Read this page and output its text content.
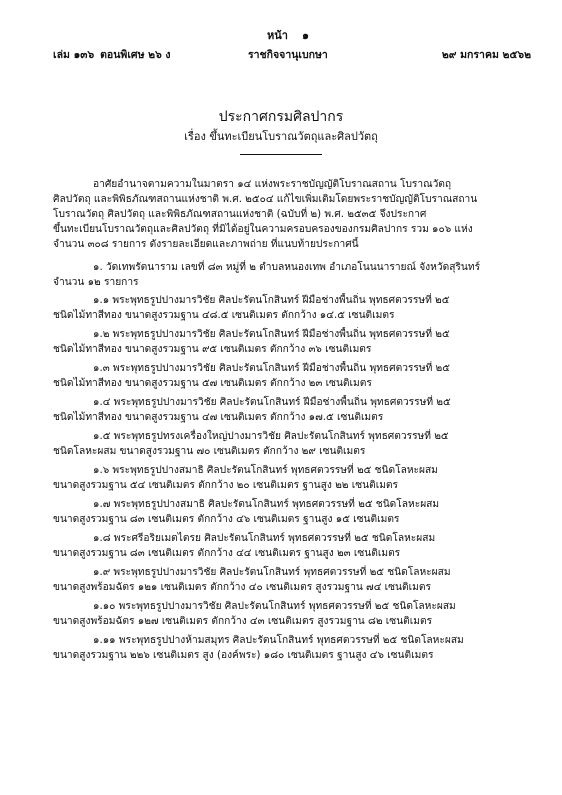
หน้า ๑
เล่ม ๑๓๖ ตอนพิเศษ ๒๖ ง	ราชกิจจานุเบกษา	๒๙ มกราคม ๒๕๖๒
ประกาศกรมศิลปากร
เรื่อง ขึ้นทะเบียนโบราณวัตถุและศิลปวัตถุ
อาศัยอำนาจตามความในมาตรา ๑๔ แห่งพระราชบัญญัติโบราณสถาน โบราณวัตถุ
ศิลปวัตถุ และพิพิธภัณฑสถานแห่งชาติ พ.ศ. ๒๕๐๔ แก้ไขเพิ่มเติมโดยพระราชบัญญัติโบราณสถาน
โบราณวัตถุ ศิลปวัตถุ และพิพิธภัณฑสถานแห่งชาติ (ฉบับที่ ๒) พ.ศ. ๒๕๓๕ จึงประกาศ
ขึ้นทะเบียนโบราณวัตถุและศิลปวัตถุ ที่มิได้อยู่ในความครอบครองของกรมศิลปากร รวม ๑๐๖ แห่ง
จำนวน ๓๐๘ รายการ ดังรายละเอียดและภาพถ่าย ที่แนบท้ายประกาศนี้
๑. วัดเทพรัตนาราม เลขที่ ๘๓ หมู่ที่ ๒ ตำบลหนองเทพ อำเภอโนนนารายณ์ จังหวัดสุรินทร์
จำนวน ๑๒ รายการ
๑.๑ พระพุทธรูปปางมารวิชัย ศิลปะรัตนโกสินทร์ ฝีมือช่างพื้นถิ่น พุทธศตวรรษที่ ๒๕
ชนิดไม้ทาสีทอง ขนาดสูงรวมฐาน ๔๘.๕ เซนติเมตร ตักกว้าง ๑๔.๕ เซนติเมตร
๑.๒ พระพุทธรูปปางมารวิชัย ศิลปะรัตนโกสินทร์ ฝีมือช่างพื้นถิ่น พุทธศตวรรษที่ ๒๕
ชนิดไม้ทาสีทอง ขนาดสูงรวมฐาน ๙๕ เซนติเมตร ตักกว้าง ๓๖ เซนติเมตร
๑.๓ พระพุทธรูปปางมารวิชัย ศิลปะรัตนโกสินทร์ ฝีมือช่างพื้นถิ่น พุทธศตวรรษที่ ๒๕
ชนิดไม้ทาสีทอง ขนาดสูงรวมฐาน ๕๗ เซนติเมตร ตักกว้าง ๒๓ เซนติเมตร
๑.๔ พระพุทธรูปปางมารวิชัย ศิลปะรัตนโกสินทร์ ฝีมือช่างพื้นถิ่น พุทธศตวรรษที่ ๒๕
ชนิดไม้ทาสีทอง ขนาดสูงรวมฐาน ๔๗ เซนติเมตร ตักกว้าง ๑๗.๕ เซนติเมตร
๑.๕ พระพุทธรูปทรงเครื่องใหญ่ปางมารวิชัย ศิลปะรัตนโกสินทร์ พุทธศตวรรษที่ ๒๕
ชนิดโลหะผสม ขนาดสูงรวมฐาน ๗๐ เซนติเมตร ตักกว้าง ๒๙ เซนติเมตร
๑.๖ พระพุทธรูปปางสมาธิ ศิลปะรัตนโกสินทร์ พุทธศตวรรษที่ ๒๕ ชนิดโลหะผสม
ขนาดสูงรวมฐาน ๕๔ เซนติเมตร ตักกว้าง ๒๐ เซนติเมตร ฐานสูง ๒๒ เซนติเมตร
๑.๗ พระพุทธรูปปางสมาธิ ศิลปะรัตนโกสินทร์ พุทธศตวรรษที่ ๒๕ ชนิดโลหะผสม
ขนาดสูงรวมฐาน ๘๓ เซนติเมตร ตักกว้าง ๔๖ เซนติเมตร ฐานสูง ๑๕ เซนติเมตร
๑.๘ พระศรีอริยเมตไตรย ศิลปะรัตนโกสินทร์ พุทธศตวรรษที่ ๒๕ ชนิดโลหะผสม
ขนาดสูงรวมฐาน ๘๓ เซนติเมตร ตักกว้าง ๔๔ เซนติเมตร ฐานสูง ๒๓ เซนติเมตร
๑.๙ พระพุทธรูปปางมารวิชัย ศิลปะรัตนโกสินทร์ พุทธศตวรรษที่ ๒๕ ชนิดโลหะผสม
ขนาดสูงพร้อมฉัตร ๑๒๑ เซนติเมตร ตักกว้าง ๔๐ เซนติเมตร สูงรวมฐาน ๗๔ เซนติเมตร
๑.๑๐ พระพุทธรูปปางมารวิชัย ศิลปะรัตนโกสินทร์ พุทธศตวรรษที่ ๒๕ ชนิดโลหะผสม
ขนาดสูงพร้อมฉัตร ๑๒๗ เซนติเมตร ตักกว้าง ๔๓ เซนติเมตร สูงรวมฐาน ๘๒ เซนติเมตร
๑.๑๑ พระพุทธรูปปางห้ามสมุทร ศิลปะรัตนโกสินทร์ พุทธศตวรรษที่ ๒๕ ชนิดโลหะผสม
ขนาดสูงรวมฐาน ๒๒๖ เซนติเมตร สูง (องค์พระ) ๑๘๐ เซนติเมตร ฐานสูง ๔๖ เซนติเมตร
